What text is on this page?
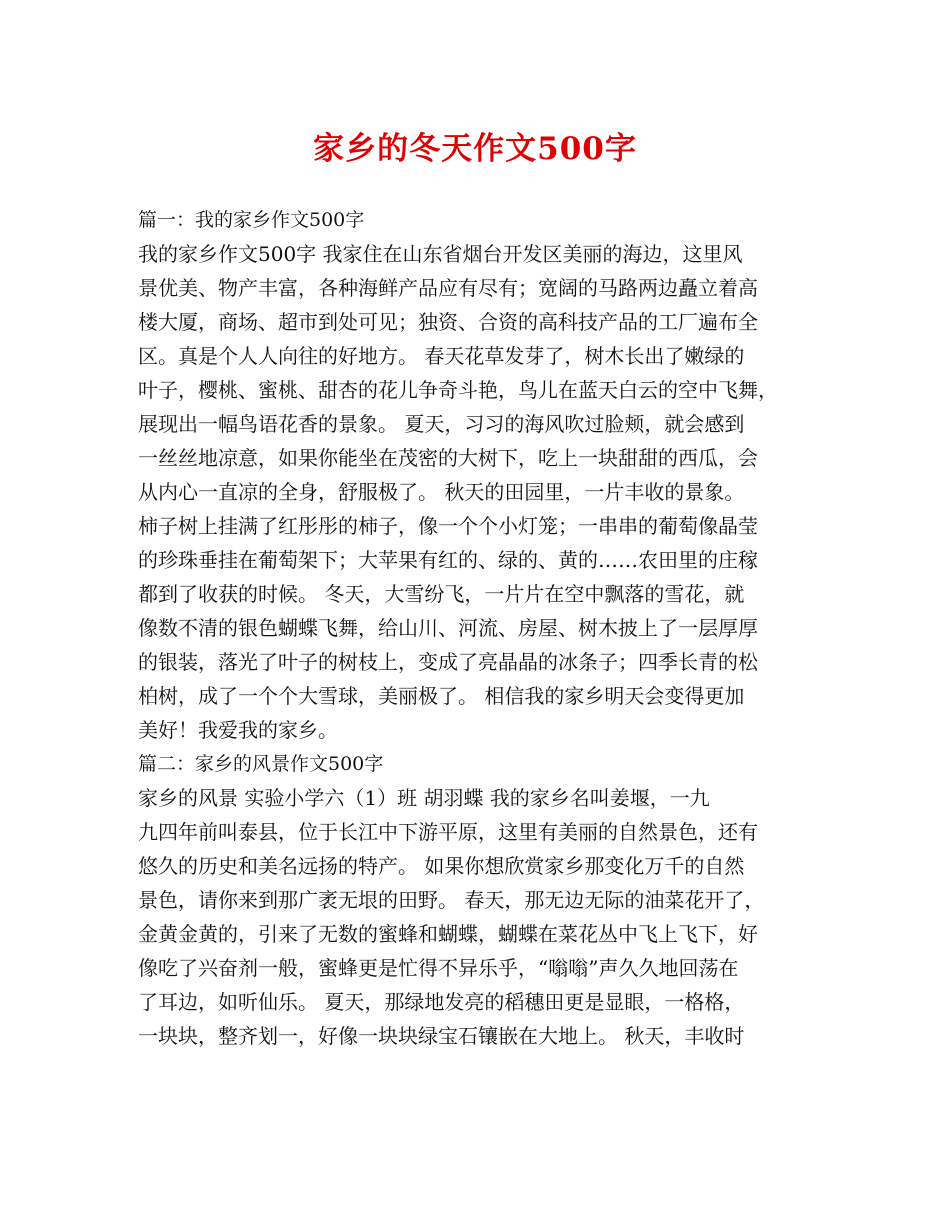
家乡的冬天作文500字

篇一：我的家乡作文500字

我的家乡作文500字 我家住在山东省烟台开发区美丽的海边，这里风

景优美、物产丰富，各种海鲜产品应有尽有；宽阔的马路两边矗立着高

楼大厦，商场、超市到处可见；独资、合资的高科技产品的工厂遍布全

区。真是个人人向往的好地方。 春天花草发芽了，树木长出了嫩绿的

叶子，樱桃、蜜桃、甜杏的花儿争奇斗艳，鸟儿在蓝天白云的空中飞舞，

展现出一幅鸟语花香的景象。 夏天，习习的海风吹过脸颊，就会感到

一丝丝地凉意，如果你能坐在茂密的大树下，吃上一块甜甜的西瓜，会

从内心一直凉的全身，舒服极了。 秋天的田园里，一片丰收的景象。

柿子树上挂满了红彤彤的柿子，像一个个小灯笼；一串串的葡萄像晶莹

的珍珠垂挂在葡萄架下；大苹果有红的、绿的、黄的……农田里的庄稼

都到了收获的时候。 冬天，大雪纷飞，一片片在空中飘落的雪花，就

像数不清的银色蝴蝶飞舞，给山川、河流、房屋、树木披上了一层厚厚

的银装，落光了叶子的树枝上，变成了亮晶晶的冰条子；四季长青的松

柏树，成了一个个大雪球，美丽极了。 相信我的家乡明天会变得更加

美好！我爱我的家乡。

篇二：家乡的风景作文500字

家乡的风景 实验小学六（1）班 胡羽蝶 我的家乡名叫姜堰，一九

九四年前叫泰县，位于长江中下游平原，这里有美丽的自然景色，还有

悠久的历史和美名远扬的特产。 如果你想欣赏家乡那变化万千的自然

景色，请你来到那广袤无垠的田野。 春天，那无边无际的油菜花开了，

金黄金黄的，引来了无数的蜜蜂和蝴蝶，蝴蝶在菜花丛中飞上飞下，好

像吃了兴奋剂一般，蜜蜂更是忙得不异乐乎，“嗡嗡”声久久地回荡在

了耳边，如听仙乐。 夏天，那绿地发亮的稻穗田更是显眼，一格格，

一块块，整齐划一，好像一块块绿宝石镶嵌在大地上。 秋天，丰收时
